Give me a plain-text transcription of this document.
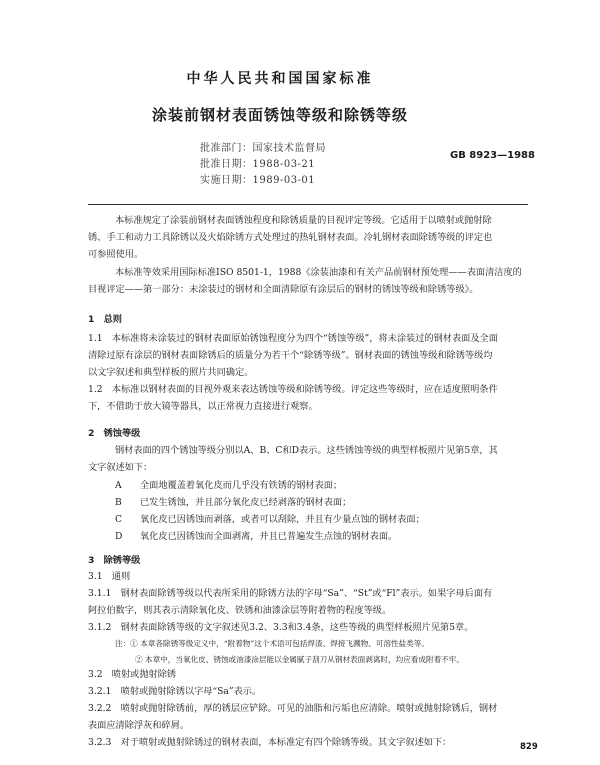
中华人民共和国国家标准
涂装前钢材表面锈蚀等级和除锈等级
批准部门：国家技术监督局
批准日期：1988-03-21
实施日期：1989-03-01
GB 8923—1988
本标准规定了涂装前钢材表面锈蚀程度和除锈质量的目视评定等级。它适用于以喷射或抛射除
锈、手工和动力工具除锈以及火焰除锈方式处理过的热轧钢材表面。冷轧钢材表面除锈等级的评定也
可参照使用。
本标准等效采用国际标准ISO 8501-1，1988《涂装油漆和有关产品前钢材预处理——表面清洁度的
目视评定——第一部分：未涂装过的钢材和全面清除原有涂层后的钢材的锈蚀等级和除锈等级》。
1　总则
1.1　本标准将未涂装过的钢材表面原始锈蚀程度分为四个“锈蚀等级”，将未涂装过的钢材表面及全面
清除过原有涂层的钢材表面除锈后的质量分为若干个“除锈等级”。钢材表面的锈蚀等级和除锈等级均
以文字叙述和典型样板的照片共同确定。
1.2　本标准以钢材表面的目视外观来表达锈蚀等级和除锈等级。评定这些等级时，应在适度照明条件
下，不借助于放大镜等器具，以正常视力直接进行观察。
2　锈蚀等级
钢材表面的四个锈蚀等级分别以A、B、C和D表示。这些锈蚀等级的典型样板照片见第5章，其
文字叙述如下：
A 全面地覆盖着氧化皮而几乎没有铁锈的钢材表面；
B 已发生锈蚀，并且部分氧化皮已经剥落的钢材表面；
C 氧化皮已因锈蚀而剥落，或者可以刮除，并且有少量点蚀的钢材表面；
D 氧化皮已因锈蚀而全面剥离，并且已普遍发生点蚀的钢材表面。
3　除锈等级
3.1　通则
3.1.1　钢材表面除锈等级以代表所采用的除锈方法的字母“Sa”、“St”或“Fl”表示。如果字母后面有
阿拉伯数字，则其表示清除氧化皮、铁锈和油漆涂层等附着物的程度等级。
3.1.2　钢材表面除锈等级的文字叙述见3.2、3.3和3.4条，这些等级的典型样板照片见第5章。
注：① 本章各除锈等级定义中，“附着物”这个术语可包括焊渣、焊接飞溅物、可溶性盐类等。
② 本章中，当氧化皮、锈蚀或油漆涂层能以金属腻子刮刀从钢材表面剥离时，均应看成附着不牢。
3.2　喷射或抛射除锈
3.2.1　喷射或抛射除锈以字母“Sa”表示。
3.2.2　喷射或抛射除锈前，厚的锈层应铲除。可见的油脂和污垢也应清除。喷射或抛射除锈后，钢材
表面应清除浮灰和碎屑。
3.2.3　对于喷射或抛射除锈过的钢材表面，本标准定有四个除锈等级。其文字叙述如下：	829
